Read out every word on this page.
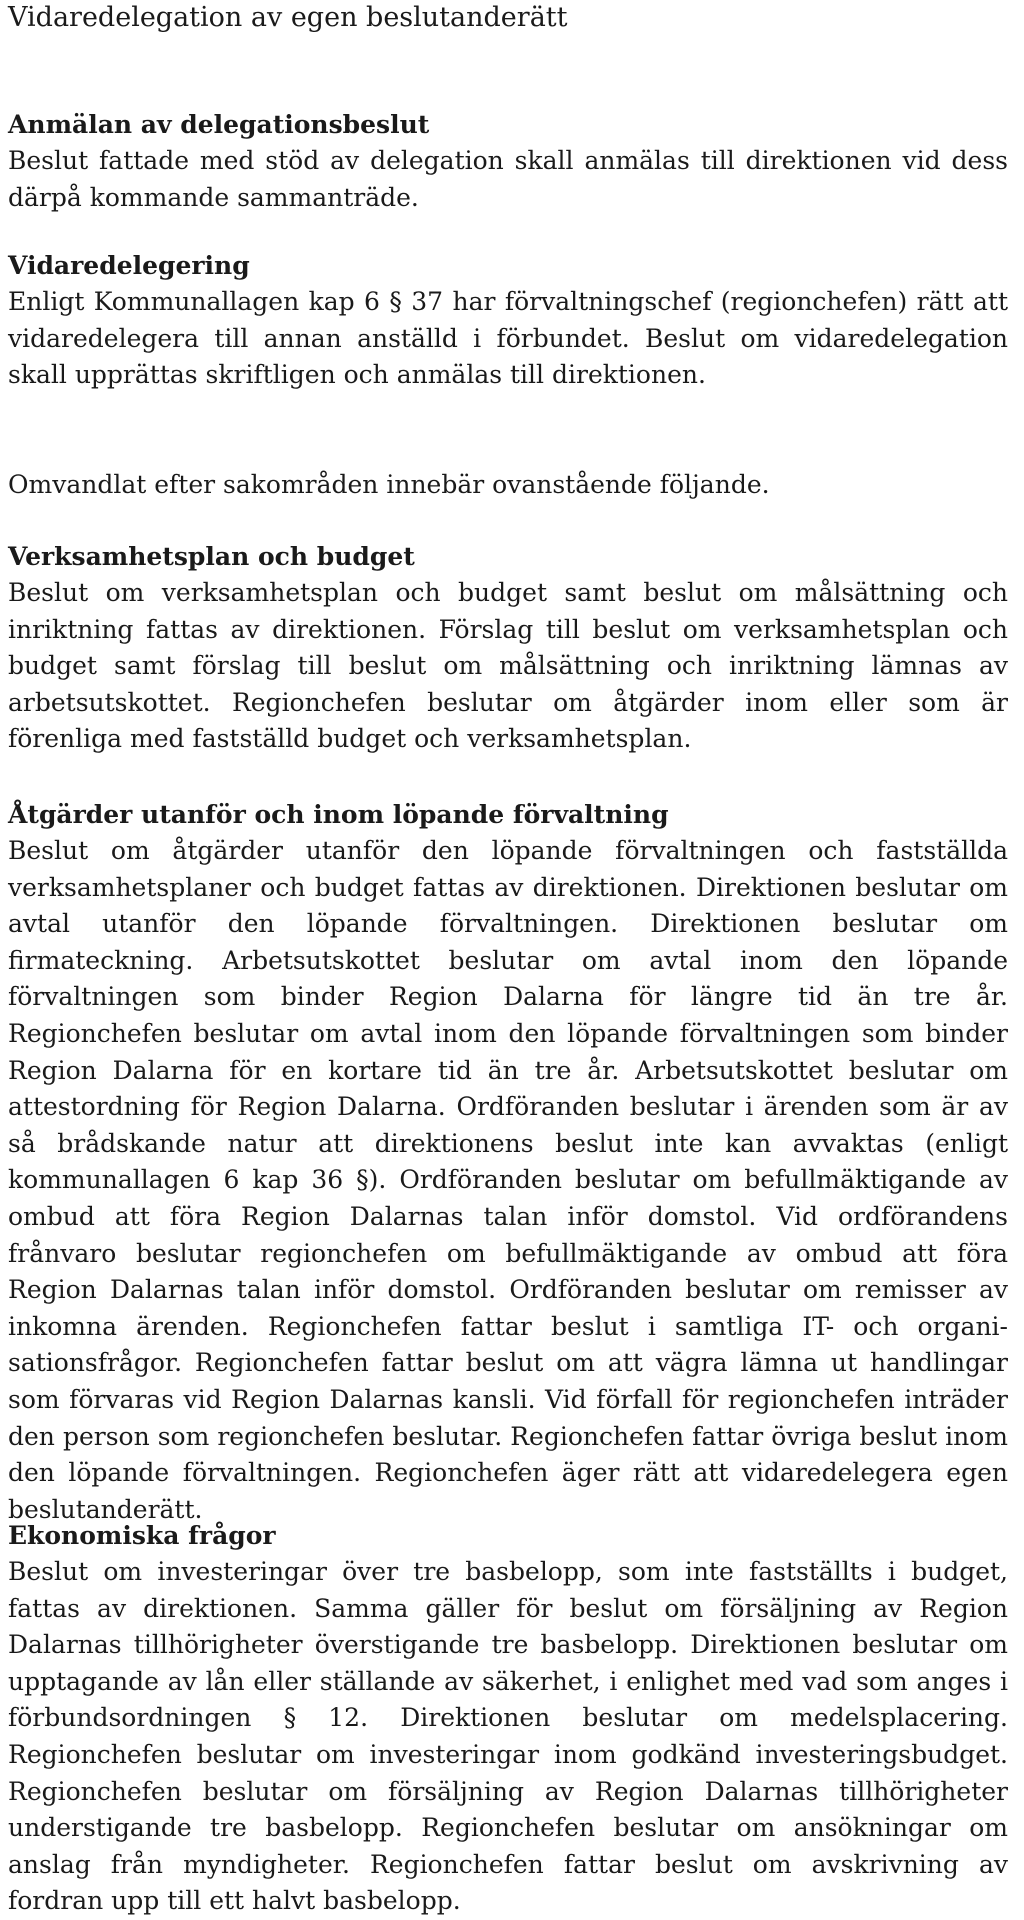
Vidaredelegation av egen beslutanderätt
Anmälan av delegationsbeslut

Beslut fattade med stöd av delegation skall anmälas till direktionen vid dess därpå kommande sammanträde.

Vidaredelegering

Enligt Kommunallagen kap 6 § 37 har förvaltningschef (regionchefen) rätt att vidaredelegera till annan anställd i förbundet. Beslut om vidaredelegation skall upprättas skriftligen och anmälas till direktionen.

Omvandlat efter sakområden innebär ovanstående följande.

Verksamhetsplan och budget

Beslut om verksamhetsplan och budget samt beslut om målsättning och inriktning fattas av direktionen. Förslag till beslut om verksamhetsplan och budget samt förslag till beslut om målsättning och inriktning lämnas av arbetsutskottet. Regionchefen beslutar om åtgärder inom eller som är förenliga med fastställd budget och verksamhetsplan.

Åtgärder utanför och inom löpande förvaltning

Beslut om åtgärder utanför den löpande förvaltningen och fastställda verksamhetsplaner och budget fattas av direktionen. Direktionen beslutar om avtal utanför den löpande förvaltningen. Direktionen beslutar om firmateckning. Arbetsutskottet beslutar om avtal inom den löpande förvaltningen som binder Region Dalarna för längre tid än tre år. Regionchefen beslutar om avtal inom den löpande förvaltningen som binder Region Dalarna för en kortare tid än tre år. Arbetsutskottet beslutar om attestordning för Region Dalarna. Ordföranden beslutar i ärenden som är av så brådskande natur att direktionens beslut inte kan avvaktas (enligt kommunallagen 6 kap 36 §). Ordföranden beslutar om befullmäktigande av ombud att föra Region Dalarnas talan inför domstol. Vid ordförandens frånvaro beslutar regionchefen om befullmäktigande av ombud att föra Region Dalarnas talan inför domstol. Ordföranden beslutar om remisser av inkomna ärenden. Regionchefen fattar beslut i samtliga IT- och organisationsfrågor. Regionchefen fattar beslut om att vägra lämna ut handlingar som förvaras vid Region Dalarnas kansli. Vid förfall för regionchefen inträder den person som regionchefen beslutar. Regionchefen fattar övriga beslut inom den löpande förvaltningen. Regionchefen äger rätt att vidaredelegera egen beslutanderätt.

Ekonomiska frågor

Beslut om investeringar över tre basbelopp, som inte fastställts i budget, fattas av direktionen. Samma gäller för beslut om försäljning av Region Dalarnas tillhörigheter överstigande tre basbelopp. Direktionen beslutar om upptagande av lån eller ställande av säkerhet, i enlighet med vad som anges i förbundsordningen § 12. Direktionen beslutar om medelsplacering. Regionchefen beslutar om investeringar inom godkänd investeringsbudget. Regionchefen beslutar om försäljning av Region Dalarnas tillhörigheter understigande tre basbelopp. Regionchefen beslutar om ansökningar om anslag från myndigheter. Regionchefen fattar beslut om avskrivning av fordran upp till ett halvt basbelopp.
